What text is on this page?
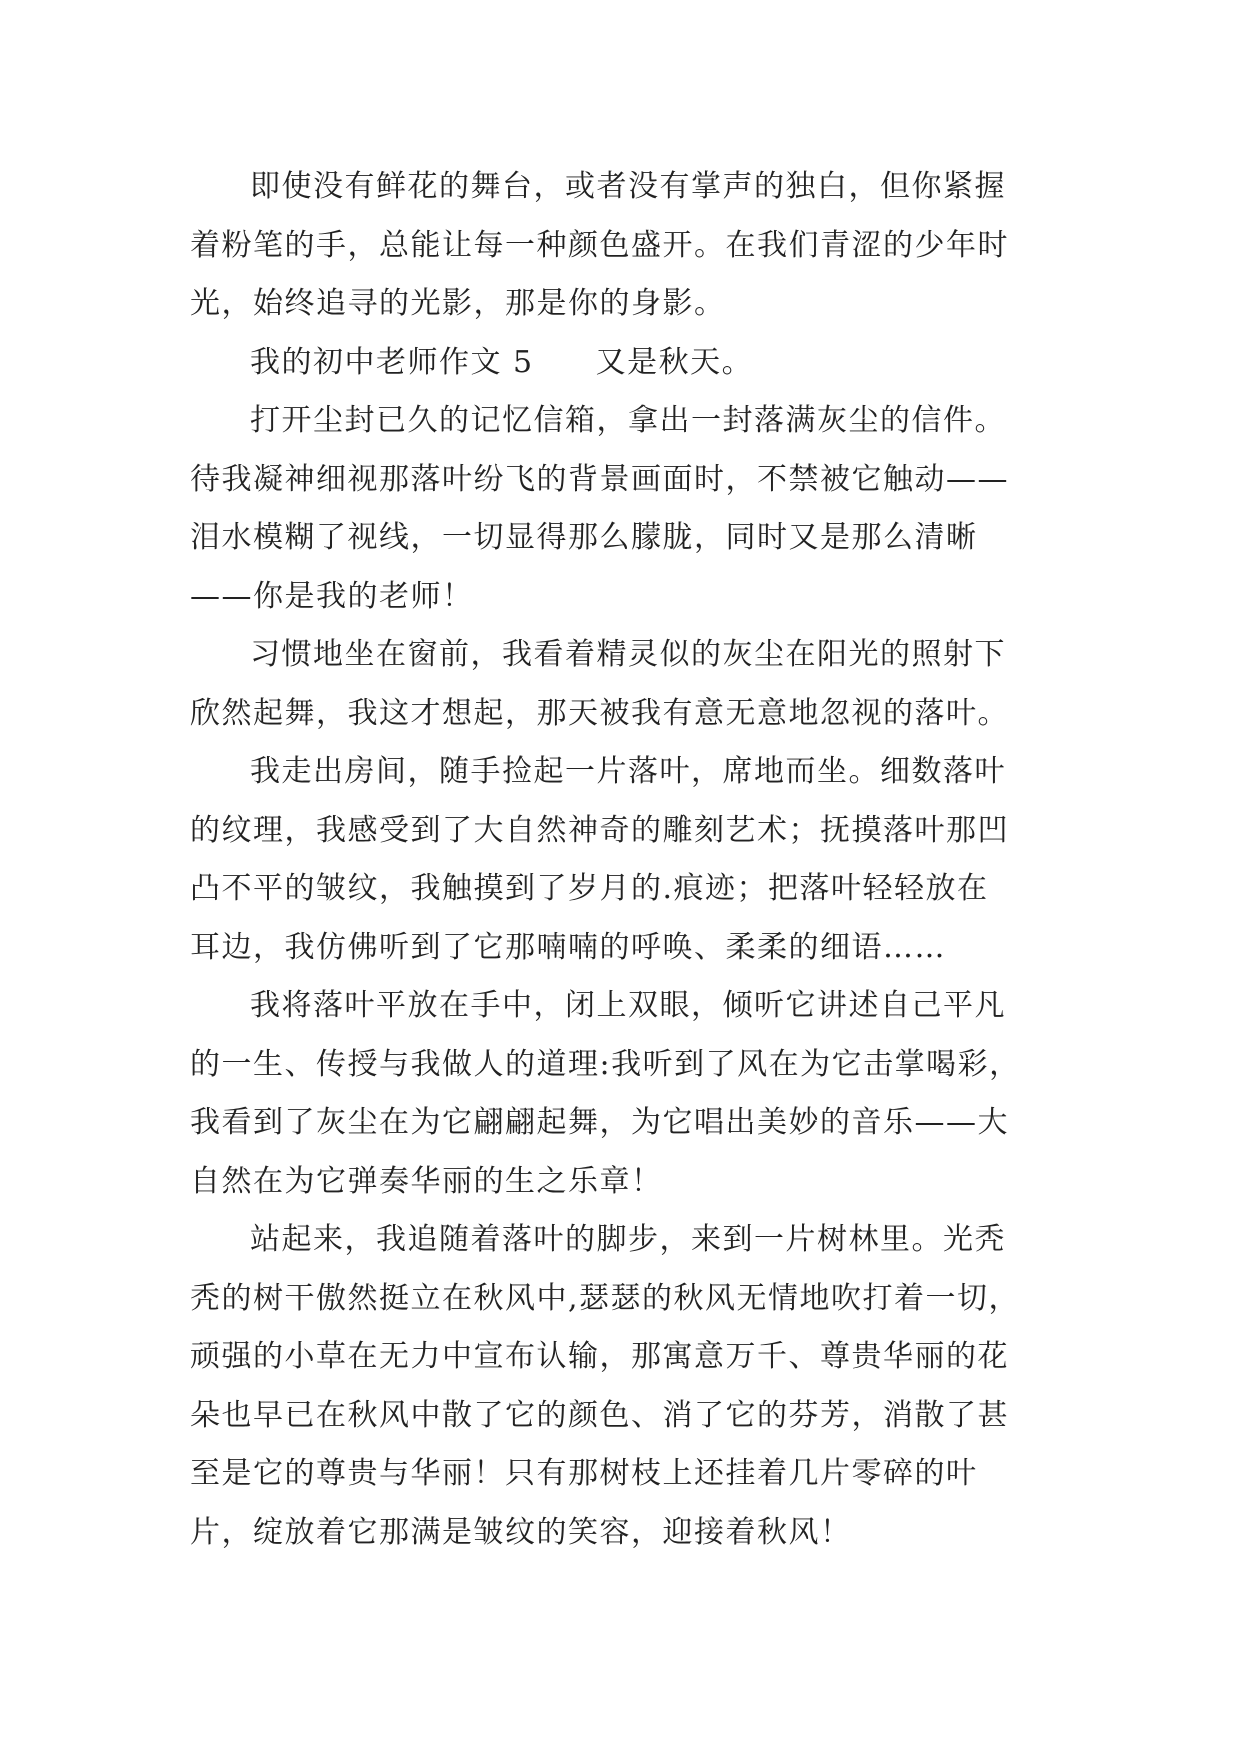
即使没有鲜花的舞台，或者没有掌声的独白，但你紧握
着粉笔的手，总能让每一种颜色盛开。在我们青涩的少年时
光，始终追寻的光影，那是你的身影。

我的初中老师作文 5 又是秋天。

打开尘封已久的记忆信箱，拿出一封落满灰尘的信件。
待我凝神细视那落叶纷飞的背景画面时，不禁被它触动——
泪水模糊了视线，一切显得那么朦胧，同时又是那么清晰
——你是我的老师！

习惯地坐在窗前，我看着精灵似的灰尘在阳光的照射下
欣然起舞，我这才想起，那天被我有意无意地忽视的落叶。

我走出房间，随手捡起一片落叶，席地而坐。细数落叶
的纹理，我感受到了大自然神奇的雕刻艺术；抚摸落叶那凹
凸不平的皱纹，我触摸到了岁月的.痕迹；把落叶轻轻放在
耳边，我仿佛听到了它那喃喃的呼唤、柔柔的细语……

我将落叶平放在手中，闭上双眼，倾听它讲述自己平凡
的一生、传授与我做人的道理:我听到了风在为它击掌喝彩，
我看到了灰尘在为它翩翩起舞，为它唱出美妙的音乐——大
自然在为它弹奏华丽的生之乐章！

站起来，我追随着落叶的脚步，来到一片树林里。光秃
秃的树干傲然挺立在秋风中,瑟瑟的秋风无情地吹打着一切，
顽强的小草在无力中宣布认输，那寓意万千、尊贵华丽的花
朵也早已在秋风中散了它的颜色、消了它的芬芳，消散了甚
至是它的尊贵与华丽！只有那树枝上还挂着几片零碎的叶
片，绽放着它那满是皱纹的笑容，迎接着秋风！
